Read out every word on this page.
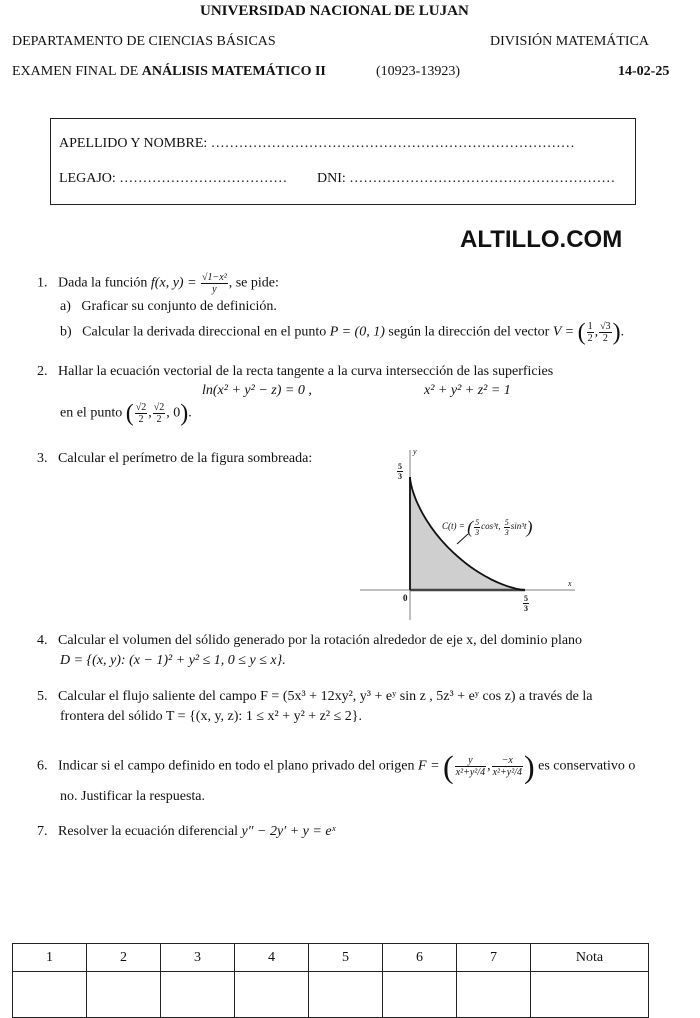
UNIVERSIDAD NACIONAL DE LUJAN
DEPARTAMENTO DE CIENCIAS BÁSICAS	DIVISIÓN MATEMÁTICA
EXAMEN FINAL DE ANÁLISIS MATEMÁTICO II	(10923-13923)	14-02-25
APELLIDO Y NOMBRE: ……………………………………………………………………
LEGAJO: ……………………………… DNI: …………………………………………………
ALTILLO.COM
1. Dada la función f(x, $y) = \frac{\text{√1−x²}}{y}$ , se pide:
a) Graficar su conjunto de definición.
b) Calcular la derivada direccional en el punto P = (0, 1) según la dirección del vector V = ( $\frac{1}{2}$ , $\frac{√3}{2}$ ).
2. Hallar la ecuación vectorial de la recta tangente a la curva intersección de las superficies
ln(x² + y² − z) = 0 ,	x² + y² + z² = 1
en el punto ( $\frac{√2}{2}$ , $\frac{√2}{2}$ , 0).
3. Calcular el perímetro de la figura sombreada:	y
x
0
$\frac{5}{3}$
$\frac{5}{3}$
C(t) = ( $\frac{5}{3} \cos^3t$, $\frac{5}{3} \sin^3t$)
4. Calcular el volumen del sólido generado por la rotación alrededor de eje x, del dominio plano
D = {(x, y): (x − 1)² + y² ≤ 1, 0 ≤ y ≤ x}.
5. Calcular el flujo saliente del campo F = (5x³ + 12xy², y³ + eʸ sin z , 5z³ + eʸ cos z) a través de la
frontera del sólido T = {(x, y, z): 1 ≤ x² + y² + z² ≤ 2}.
6. Indicar si el campo definido en todo el plano privado del origen F = ( $\frac{y}{\text{x²+y²/4}}$ , $\frac{-x}{\text{x²+y²/4}}$ ) es conservativo o
no. Justificar la respuesta.
7. Resolver la ecuación diferencial y″ − 2y′ + y = eˣ
1	2	3	4	5	6	7	Nota
